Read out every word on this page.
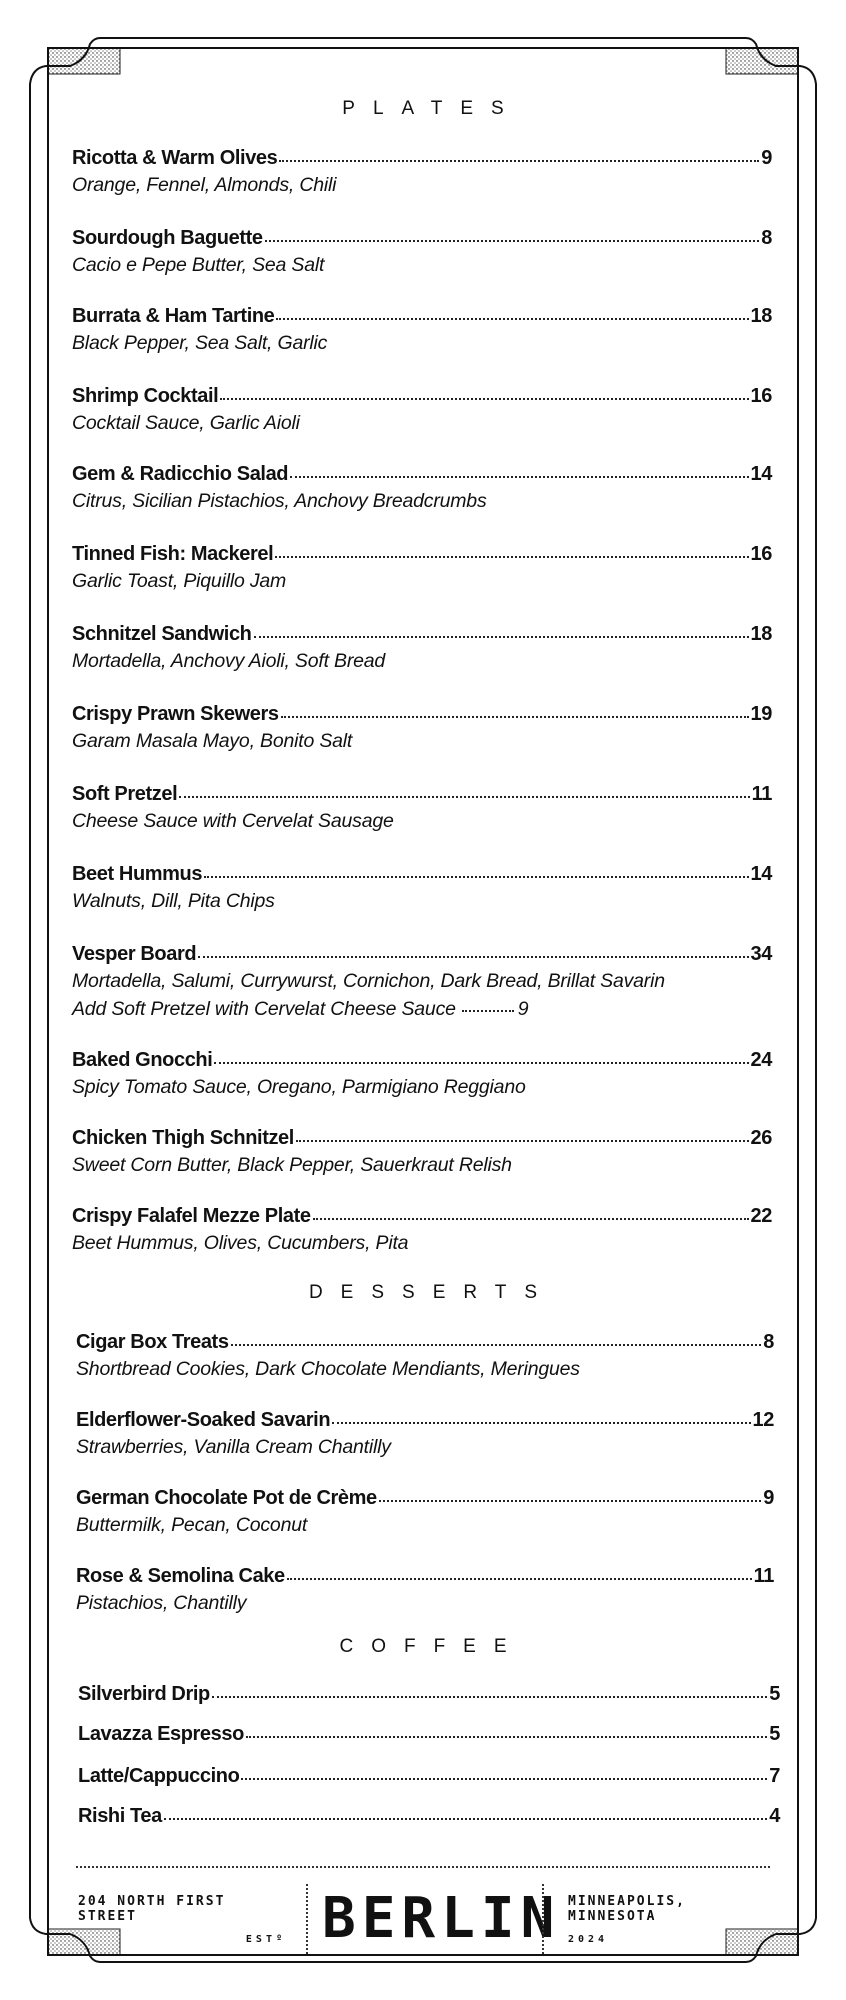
PLATES
Ricotta & Warm Olives	9
Orange, Fennel, Almonds, Chili
Sourdough Baguette	8
Cacio e Pepe Butter, Sea Salt
Burrata & Ham Tartine	18
Black Pepper, Sea Salt, Garlic
Shrimp Cocktail	16
Cocktail Sauce, Garlic Aioli
Gem & Radicchio Salad	14
Citrus, Sicilian Pistachios, Anchovy Breadcrumbs
Tinned Fish: Mackerel	16
Garlic Toast, Piquillo Jam
Schnitzel Sandwich	18
Mortadella, Anchovy Aioli, Soft Bread
Crispy Prawn Skewers	19
Garam Masala Mayo, Bonito Salt
Soft Pretzel	11
Cheese Sauce with Cervelat Sausage
Beet Hummus	14
Walnuts, Dill, Pita Chips
Vesper Board	34
Mortadella, Salumi, Currywurst, Cornichon, Dark Bread, Brillat Savarin
Add Soft Pretzel with Cervelat Cheese Sauce	9
Baked Gnocchi	24
Spicy Tomato Sauce, Oregano, Parmigiano Reggiano
Chicken Thigh Schnitzel	26
Sweet Corn Butter, Black Pepper, Sauerkraut Relish
Crispy Falafel Mezze Plate	22
Beet Hummus, Olives, Cucumbers, Pita
DESSERTS
Cigar Box Treats	8
Shortbread Cookies, Dark Chocolate Mendiants, Meringues
Elderflower-Soaked Savarin	12
Strawberries, Vanilla Cream Chantilly
German Chocolate Pot de Crème	9
Buttermilk, Pecan, Coconut
Rose & Semolina Cake	11
Pistachios, Chantilly
COFFEE
Silverbird Drip	5
Lavazza Espresso	5
Latte/Cappuccino	7
Rishi Tea	4
204 NORTH FIRST STREET
ESTº BERLIN MINNEAPOLIS, MINNESOTA
2024
